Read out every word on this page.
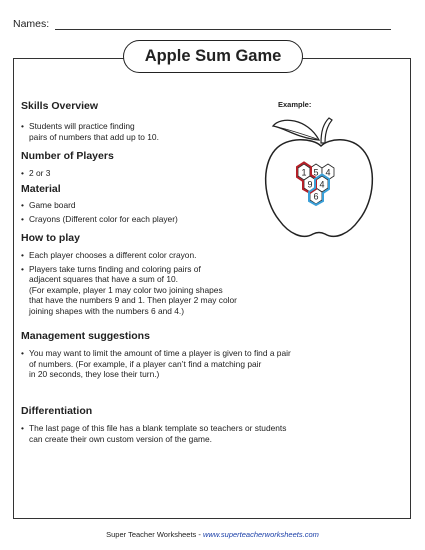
Names:
Apple Sum Game
Skills Overview
• Students will practice finding
pairs of numbers that add up to 10.
Number of Players
• 2 or 3
Material
• Game board
• Crayons (Different color for each player)
How to play
• Each player chooses a different color crayon.
• Players take turns finding and coloring pairs of
adjacent squares that have a sum of 10.
(For example, player 1 may color two joining shapes
that have the numbers 9 and 1. Then player 2 may color
joining shapes with the numbers 6 and 4.)
Management suggestions
• You may want to limit the amount of time a player is given to find a pair
of numbers. (For example, if a player can’t find a matching pair
in 20 seconds, they lose their turn.)
Differentiation
• The last page of this file has a blank template so teachers or students
can create their own custom version of the game.
Example:
1 5 4
9 4
6
Super Teacher Worksheets - www.superteacherworksheets.com
